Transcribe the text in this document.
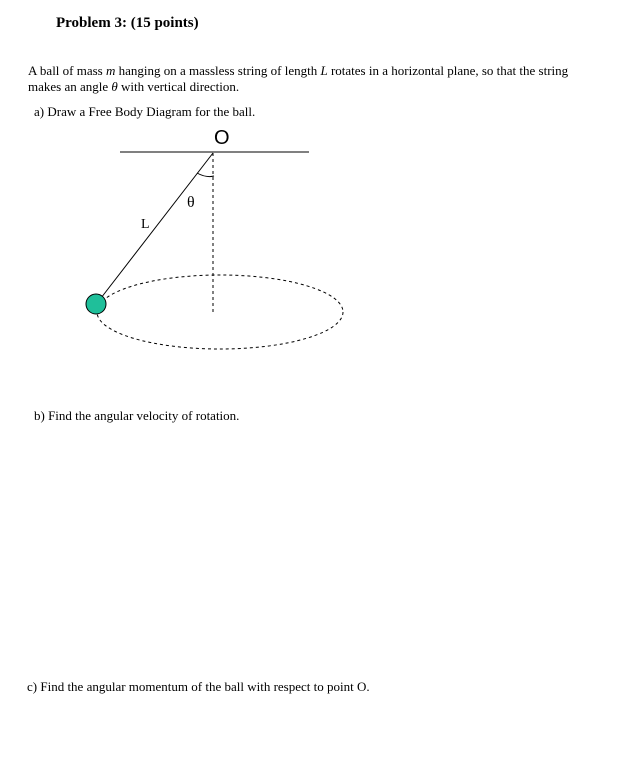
Problem 3: (15 points)
A ball of mass m hanging on a massless string of length L rotates in a horizontal plane, so that the string makes an angle θ with vertical direction.
a) Draw a Free Body Diagram for the ball.
O
L
θ
b) Find the angular velocity of rotation.
c) Find the angular momentum of the ball with respect to point O.
